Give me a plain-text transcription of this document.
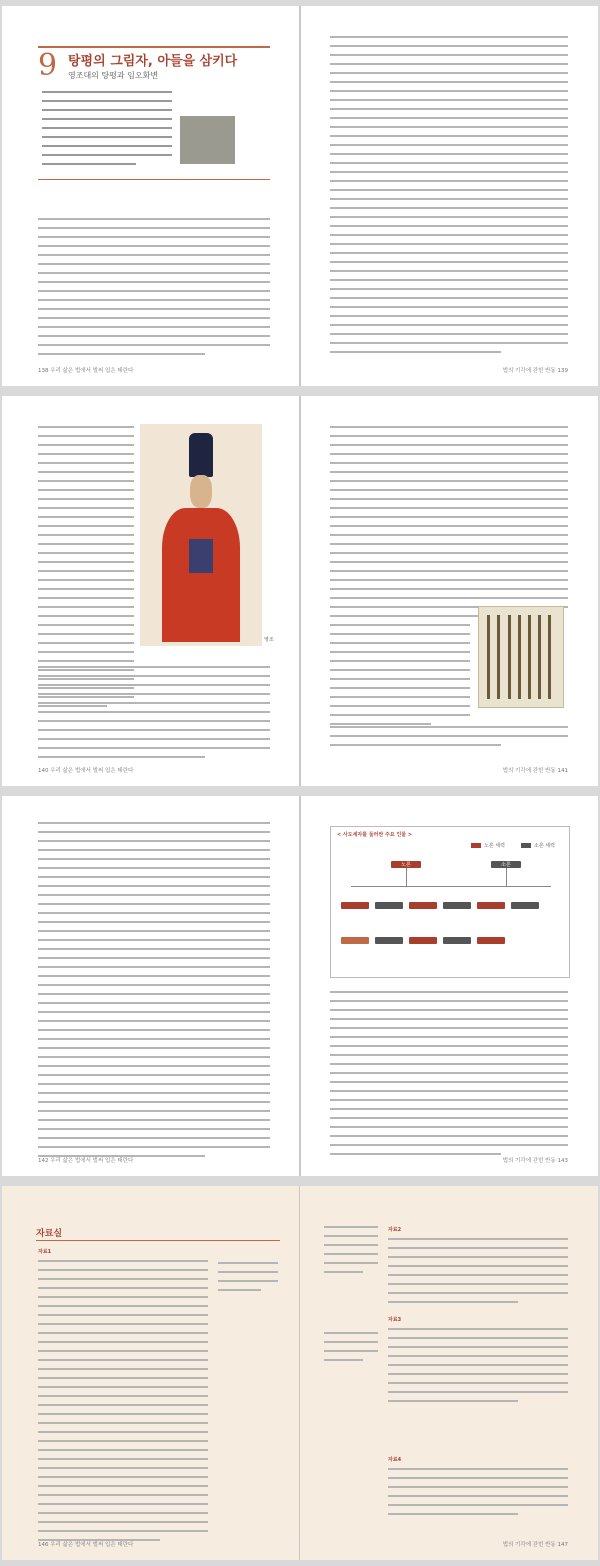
9 탕평의 그림자, 아들을 삼키다
영조대의 탕평과 임오화변
138 우리 삶은 법에서 벌써 입은 태란다	법의 기각에 갇힌 반동 139
영조
140 우리 삶은 법에서 벌써 입은 태란다	법의 기각에 갇힌 반동 141
142 우리 삶은 법에서 벌써 입은 태란다
< 사도세자를 둘러싼 주요 인물 >
노론 세력	소론 세력
노론	소론
법의 기각에 갇힌 반동 143
자료실
자료1
146 우리 삶은 법에서 벌써 입은 태란다
자료2
자료3
자료4
법의 기각에 갇힌 반동 147
